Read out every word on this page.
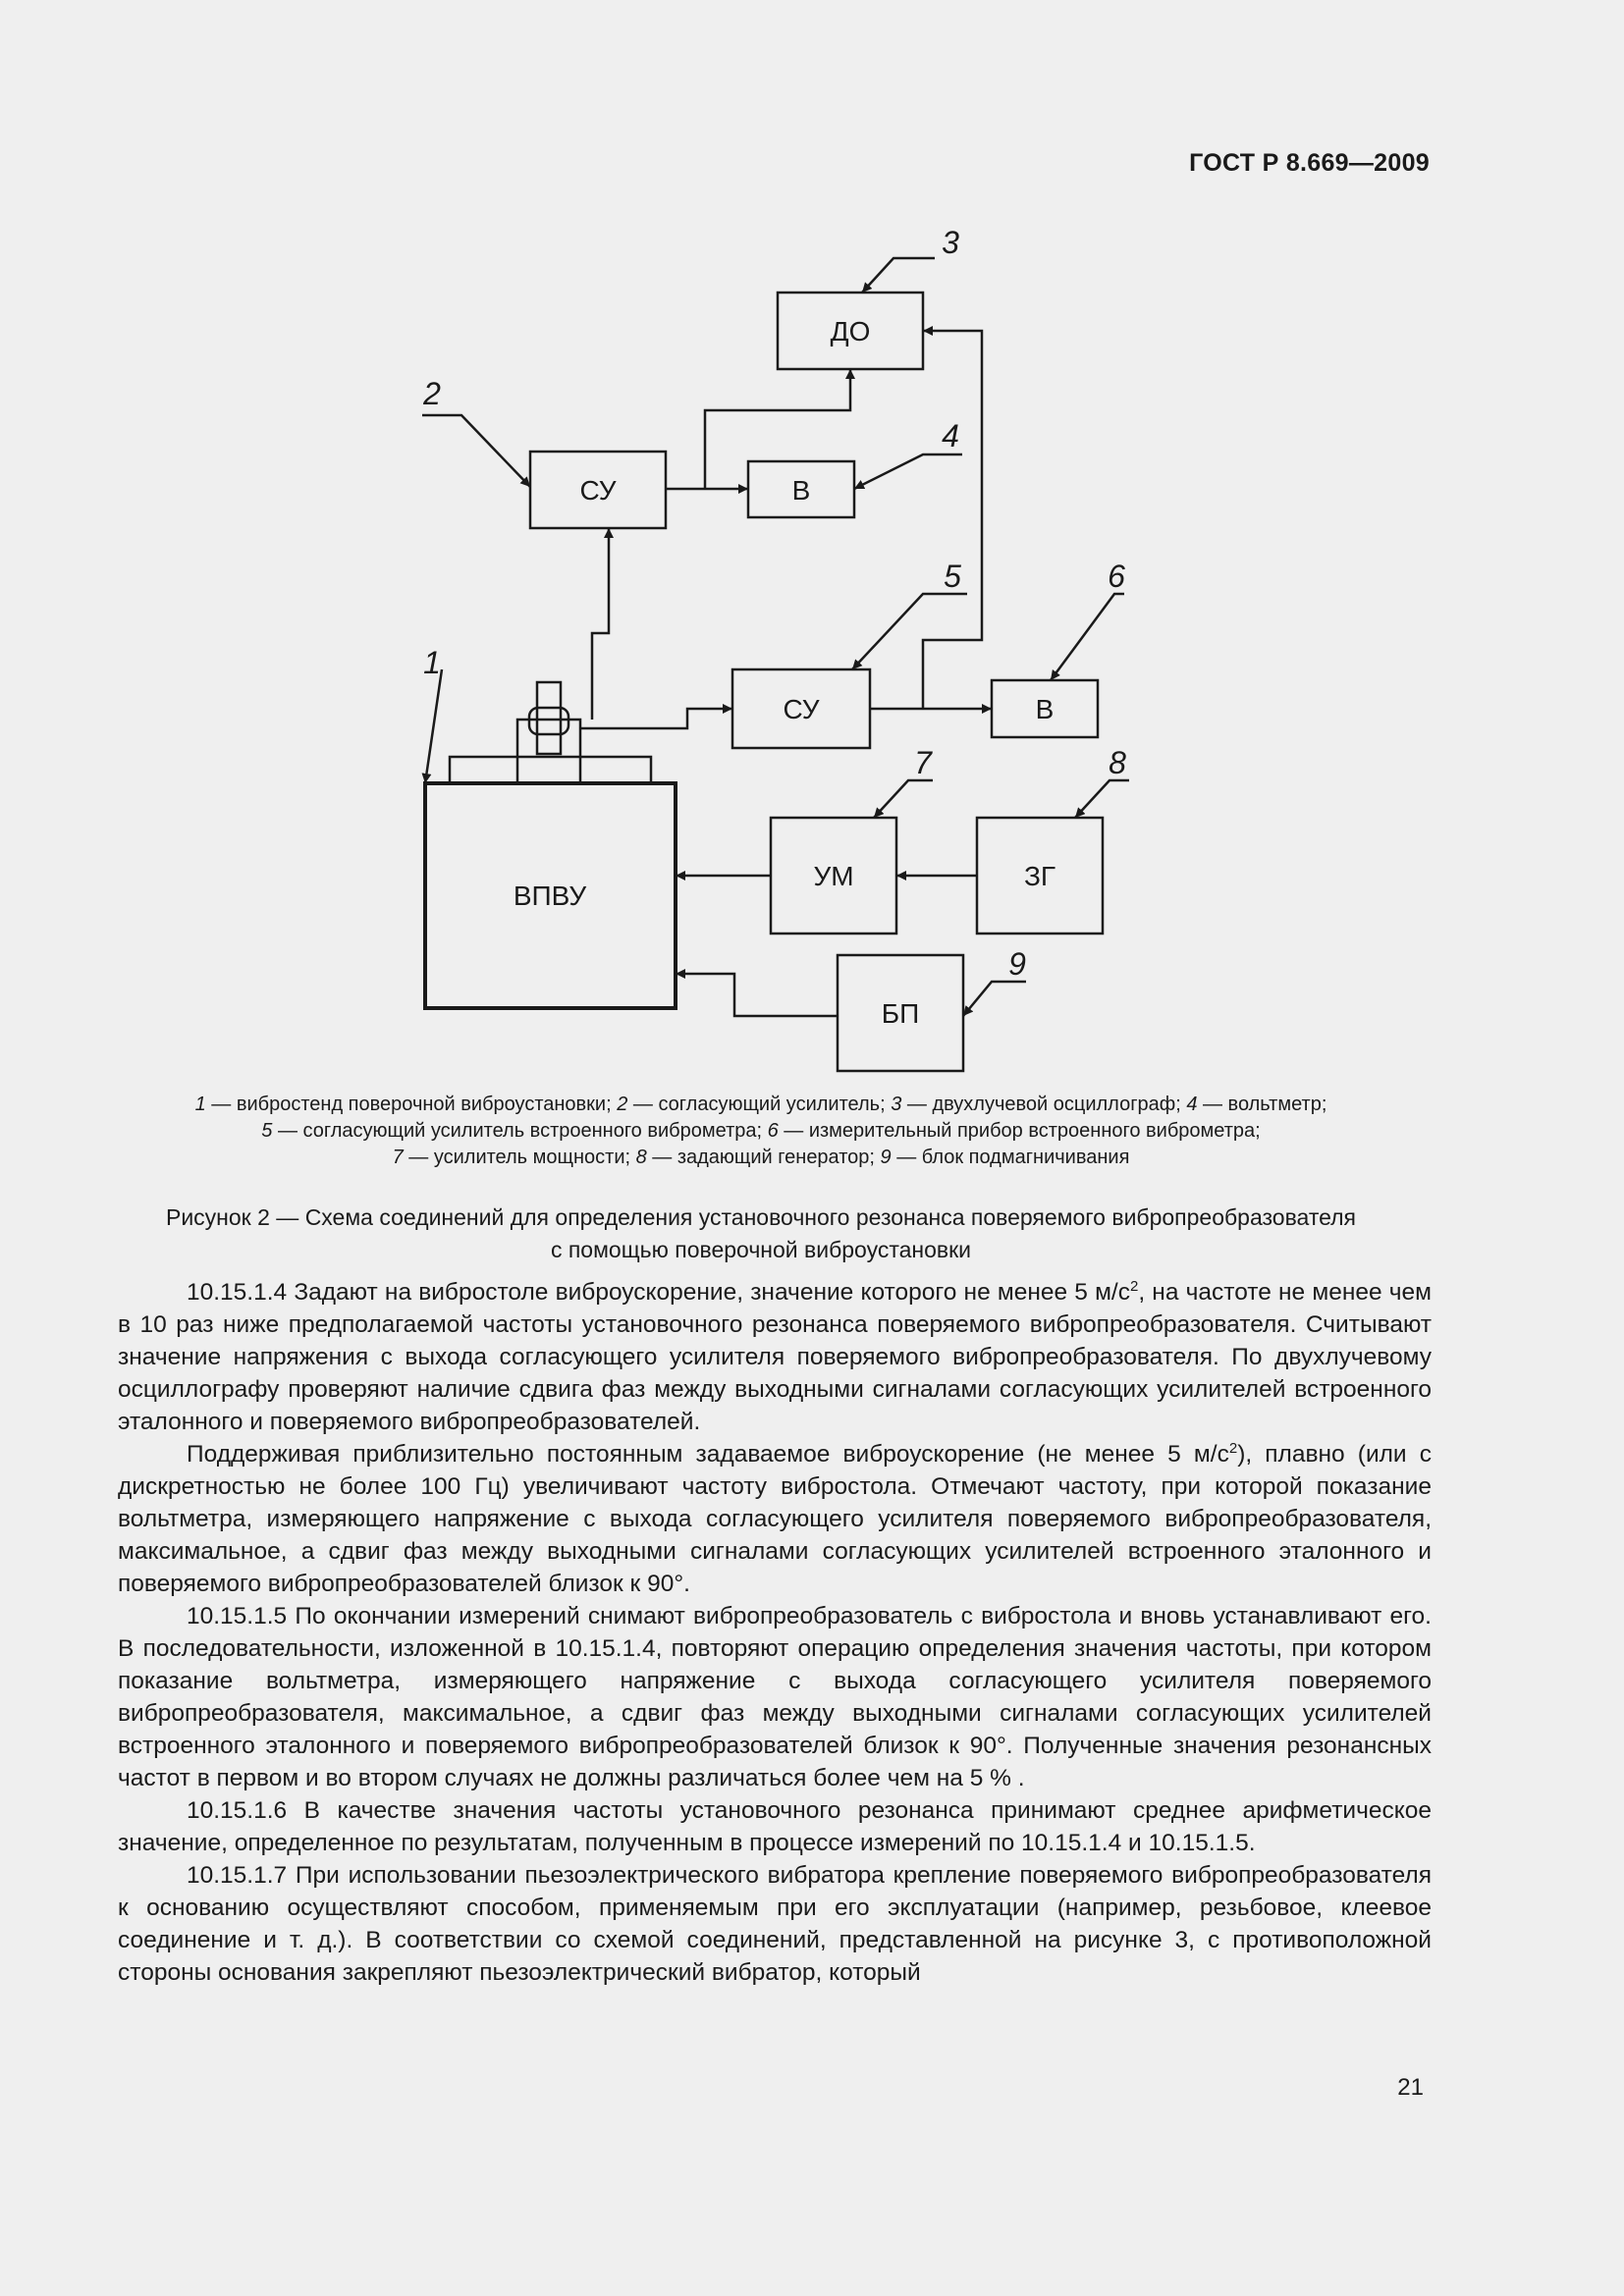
ГОСТ Р 8.669—2009
ДО
СУ	В
СУ	В
ВПВУ
УМ	ЗГ
БП
1
2
3
4
5	6
7	8
9
1 — вибростенд поверочной виброустановки; 2 — согласующий усилитель; 3 — двухлучевой осциллограф; 4 — вольтметр;
5 — согласующий усилитель встроенного виброметра; 6 — измерительный прибор встроенного виброметра;
7 — усилитель мощности; 8 — задающий генератор; 9 — блок подмагничивания
Рисунок 2 — Схема соединений для определения установочного резонанса поверяемого вибропреобразователя
с помощью поверочной виброустановки

10.15.1.4 Задают на вибростоле виброускорение, значение которого не менее 5 $м/с^2$, на частоте не менее чем в 10 раз ниже предполагаемой частоты установочного резонанса поверяемого вибропреобразователя. Считывают значение напряжения с выхода согласующего усилителя поверяемого вибропреобразователя. По двухлучевому осциллографу проверяют наличие сдвига фаз между выходными сигналами согласующих усилителей встроенного эталонного и поверяемого вибропреобразователей.

Поддерживая приблизительно постоянным задаваемое виброускорение (не менее 5 $м/с^2$), плавно (или с дискретностью не более 100 Гц) увеличивают частоту вибростола. Отмечают частоту, при которой показание вольтметра, измеряющего напряжение с выхода согласующего усилителя поверяемого вибропреобразователя, максимальное, а сдвиг фаз между выходными сигналами согласующих усилителей встроенного эталонного и поверяемого вибропреобразователей близок к 90°.

10.15.1.5 По окончании измерений снимают вибропреобразователь с вибростола и вновь устанавливают его. В последовательности, изложенной в 10.15.1.4, повторяют операцию определения значения частоты, при котором показание вольтметра, измеряющего напряжение с выхода согласующего усилителя поверяемого вибропреобразователя, максимальное, а сдвиг фаз между выходными сигналами согласующих усилителей встроенного эталонного и поверяемого вибропреобразователей близок к 90°. Полученные значения резонансных частот в первом и во втором случаях не должны различаться более чем на 5 % .

10.15.1.6 В качестве значения частоты установочного резонанса принимают среднее арифметическое значение, определенное по результатам, полученным в процессе измерений по 10.15.1.4 и 10.15.1.5.

10.15.1.7 При использовании пьезоэлектрического вибратора крепление поверяемого вибропреобразователя к основанию осуществляют способом, применяемым при его эксплуатации (например, резьбовое, клеевое соединение и т. д.). В соответствии со схемой соединений, представленной на рисунке 3, с противоположной стороны основания закрепляют пьезоэлектрический вибратор, который

21
